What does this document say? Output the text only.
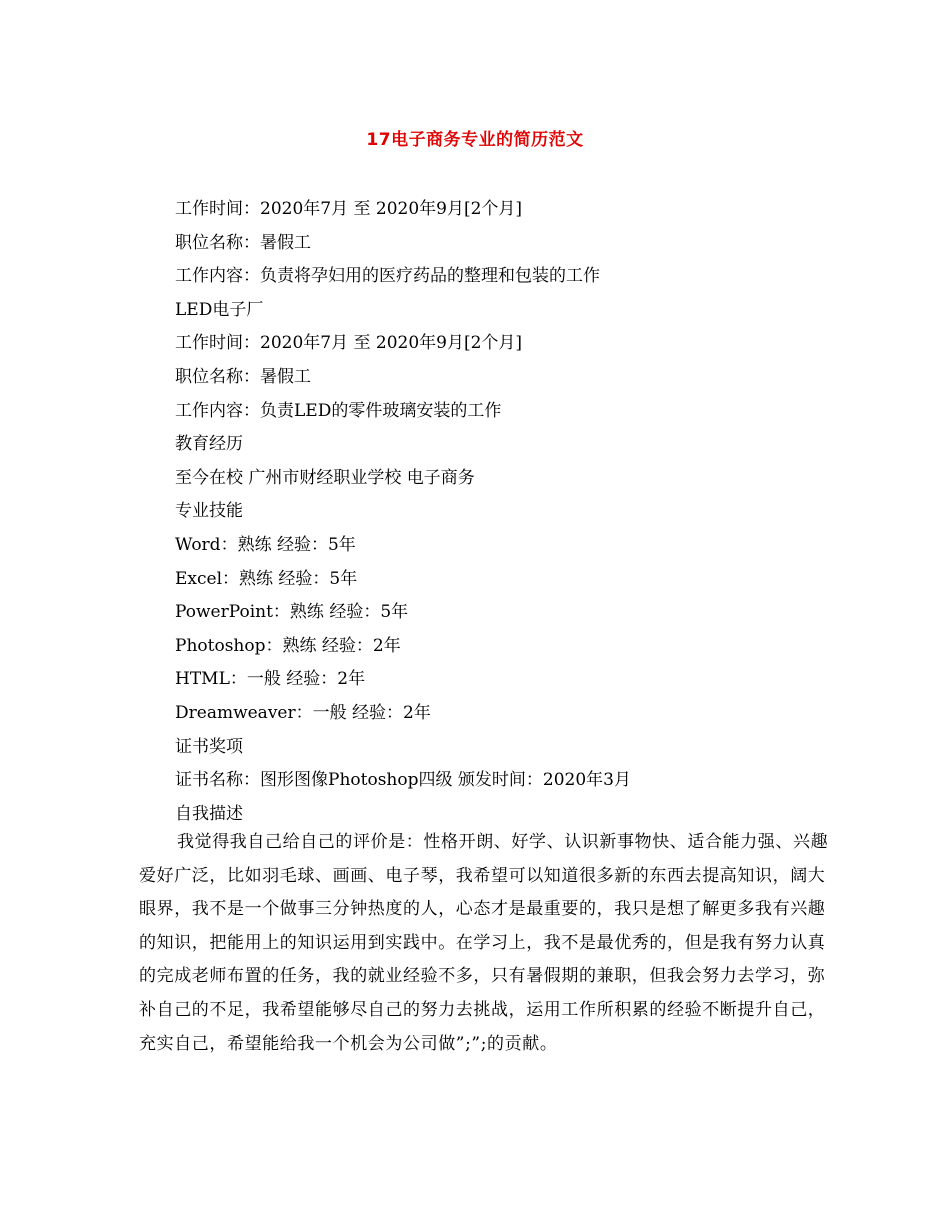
17电子商务专业的简历范文
工作时间：2020年7月 至 2020年9月[2个月]
职位名称：暑假工
工作内容：负责将孕妇用的医疗药品的整理和包装的工作
LED电子厂
工作时间：2020年7月 至 2020年9月[2个月]
职位名称：暑假工
工作内容：负责LED的零件玻璃安装的工作
教育经历
至今在校 广州市财经职业学校 电子商务
专业技能
Word：熟练 经验：5年
Excel：熟练 经验：5年
PowerPoint：熟练 经验：5年
Photoshop：熟练 经验：2年
HTML：一般 经验：2年
Dreamweaver：一般 经验：2年
证书奖项
证书名称：图形图像Photoshop四级 颁发时间：2020年3月
自我描述
我觉得我自己给自己的评价是：性格开朗、好学、认识新事物快、适合能力强、兴趣爱好广泛，比如羽毛球、画画、电子琴，我希望可以知道很多新的东西去提高知识，阔大眼界，我不是一个做事三分钟热度的人，心态才是最重要的，我只是想了解更多我有兴趣的知识，把能用上的知识运用到实践中。在学习上，我不是最优秀的，但是我有努力认真的完成老师布置的任务，我的就业经验不多，只有暑假期的兼职，但我会努力去学习，弥补自己的不足，我希望能够尽自己的努力去挑战，运用工作所积累的经验不断提升自己，充实自己，希望能给我一个机会为公司做”;”;的贡献。
